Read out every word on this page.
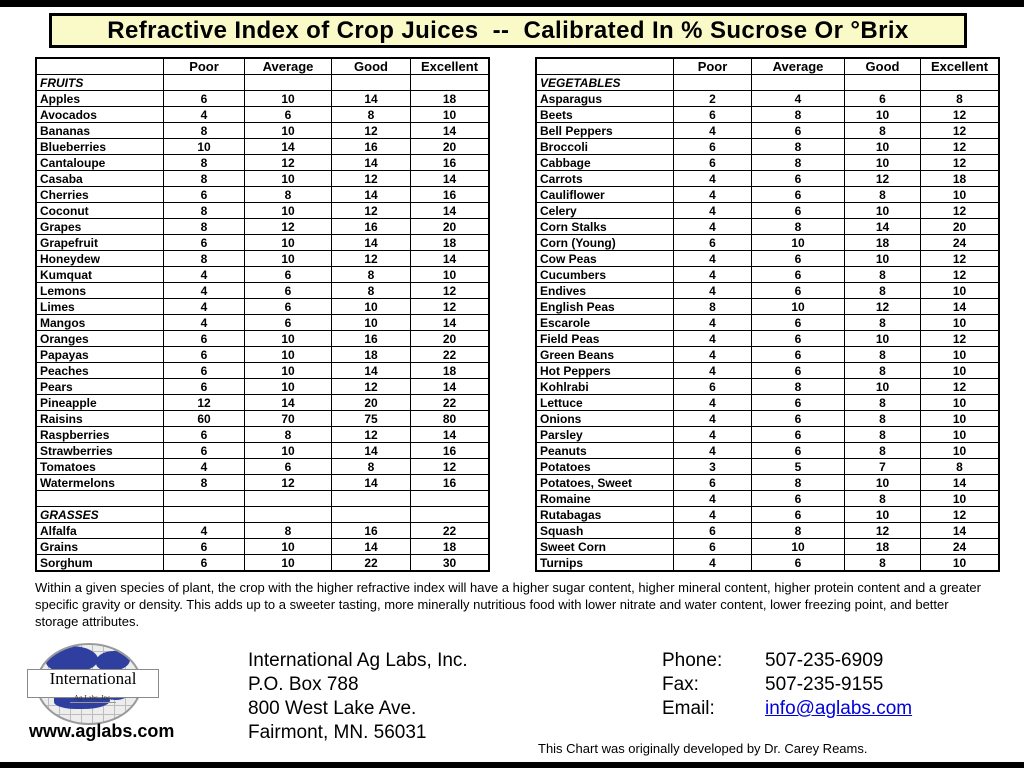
Refractive Index of Crop Juices  --  Calibrated In % Sucrose Or °Brix
	Poor	Average	Good	Excellent
FRUITS				
Apples	6	10	14	18
Avocados	4	6	8	10
Bananas	8	10	12	14
Blueberries	10	14	16	20
Cantaloupe	8	12	14	16
Casaba	8	10	12	14
Cherries	6	8	14	16
Coconut	8	10	12	14
Grapes	8	12	16	20
Grapefruit	6	10	14	18
Honeydew	8	10	12	14
Kumquat	4	6	8	10
Lemons	4	6	8	12
Limes	4	6	10	12
Mangos	4	6	10	14
Oranges	6	10	16	20
Papayas	6	10	18	22
Peaches	6	10	14	18
Pears	6	10	12	14
Pineapple	12	14	20	22
Raisins	60	70	75	80
Raspberries	6	8	12	14
Strawberries	6	10	14	16
Tomatoes	4	6	8	12
Watermelons	8	12	14	16

GRASSES				
Alfalfa	4	8	16	22
Grains	6	10	14	18
Sorghum	6	10	22	30
	Poor	Average	Good	Excellent
VEGETABLES				
Asparagus	2	4	6	8
Beets	6	8	10	12
Bell Peppers	4	6	8	12
Broccoli	6	8	10	12
Cabbage	6	8	10	12
Carrots	4	6	12	18
Cauliflower	4	6	8	10
Celery	4	6	10	12
Corn Stalks	4	8	14	20
Corn (Young)	6	10	18	24
Cow Peas	4	6	10	12
Cucumbers	4	6	8	12
Endives	4	6	8	10
English Peas	8	10	12	14
Escarole	4	6	8	10
Field Peas	4	6	10	12
Green Beans	4	6	8	10
Hot Peppers	4	6	8	10
Kohlrabi	6	8	10	12
Lettuce	4	6	8	10
Onions	4	6	8	10
Parsley	4	6	8	10
Peanuts	4	6	8	10
Potatoes	3	5	7	8
Potatoes, Sweet	6	8	10	14
Romaine	4	6	8	10
Rutabagas	4	6	10	12
Squash	6	8	12	14
Sweet Corn	6	10	18	24
Turnips	4	6	8	10
Within a given species of plant, the crop with the higher refractive index will have a higher sugar content, higher mineral content, higher protein content and a greater specific gravity or density. This adds up to a sweeter tasting, more minerally nutritious food with lower nitrate and water content, lower freezing point, and better storage attributes.
International
Ag Labs, Inc.
www.aglabs.com
International Ag Labs, Inc.
P.O. Box 788
800 West Lake Ave.
Fairmont, MN. 56031
Phone: 507-235-6909
Fax:	507-235-9155
Email:	info@aglabs.com
This Chart was originally developed by Dr. Carey Reams.
